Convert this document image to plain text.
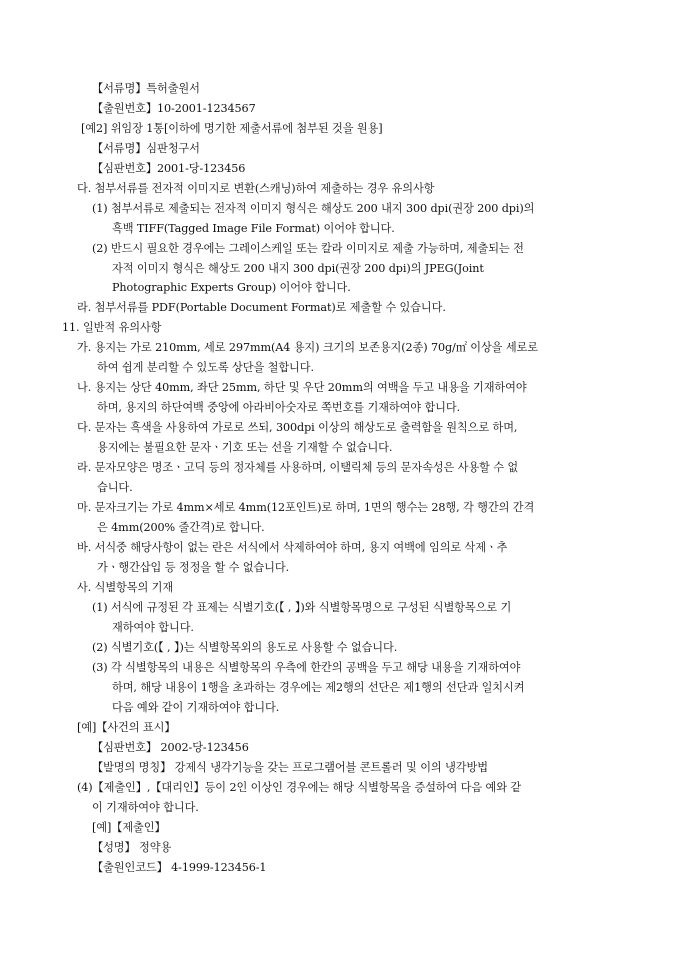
【서류명】특허출원서
【출원번호】10-2001-1234567
[예2] 위임장 1통[이하에 명기한 제출서류에 첨부된 것을 원용]
【서류명】심판청구서
【심판번호】2001-당-123456
다. 첨부서류를 전자적 이미지로 변환(스캐닝)하여 제출하는 경우 유의사항
(1) 첨부서류로 제출되는 전자적 이미지 형식은 해상도 200 내지 300 dpi(권장 200 dpi)의
흑백 TIFF(Tagged Image File Format) 이어야 합니다.
(2) 반드시 필요한 경우에는 그레이스케일 또는 칼라 이미지로 제출 가능하며, 제출되는 전
자적 이미지 형식은 해상도 200 내지 300 dpi(권장 200 dpi)의 JPEG(Joint
Photographic Experts Group) 이어야 합니다.
라. 첨부서류를 PDF(Portable Document Format)로 제출할 수 있습니다.
11. 일반적 유의사항
가. 용지는 가로 210mm, 세로 297mm(A4 용지) 크기의 보존용지(2종) 70g/㎡ 이상을 세로로
하여 쉽게 분리할 수 있도록 상단을 철합니다.
나. 용지는 상단 40mm, 좌단 25mm, 하단 및 우단 20mm의 여백을 두고 내용을 기재하여야
하며, 용지의 하단여백 중앙에 아라비아숫자로 쪽번호를 기재하여야 합니다.
다. 문자는 흑색을 사용하여 가로로 쓰되, 300dpi 이상의 해상도로 출력함을 원칙으로 하며,
용지에는 불필요한 문자ㆍ기호 또는 선을 기재할 수 없습니다.
라. 문자모양은 명조ㆍ고딕 등의 정자체를 사용하며, 이탤릭체 등의 문자속성은 사용할 수 없
습니다.
마. 문자크기는 가로 4mm×세로 4mm(12포인트)로 하며, 1면의 행수는 28행, 각 행간의 간격
은 4mm(200% 줄간격)로 합니다.
바. 서식중 해당사항이 없는 란은 서식에서 삭제하여야 하며, 용지 여백에 임의로 삭제ㆍ추
가ㆍ행간삽입 등 정정을 할 수 없습니다.
사. 식별항목의 기재
(1) 서식에 규정된 각 표제는 식별기호(【 , 】)와 식별항목명으로 구성된 식별항목으로 기
재하여야 합니다.
(2) 식별기호(【 , 】)는 식별항목외의 용도로 사용할 수 없습니다.
(3) 각 식별항목의 내용은 식별항목의 우측에 한칸의 공백을 두고 해당 내용을 기재하여야
하며, 해당 내용이 1행을 초과하는 경우에는 제2행의 선단은 제1행의 선단과 일치시켜
다음 예와 같이 기재하여야 합니다.
[예]【사건의 표시】
【심판번호】 2002-당-123456
【발명의 명칭】 강제식 냉각기능을 갖는 프로그램어블 콘트롤러 및 이의 냉각방법
(4)【제출인】,【대리인】등이 2인 이상인 경우에는 해당 식별항목을 증설하여 다음 예와 같
이 기재하여야 합니다.
[예]【제출인】
【성명】 정약용
【출원인코드】 4-1999-123456-1
